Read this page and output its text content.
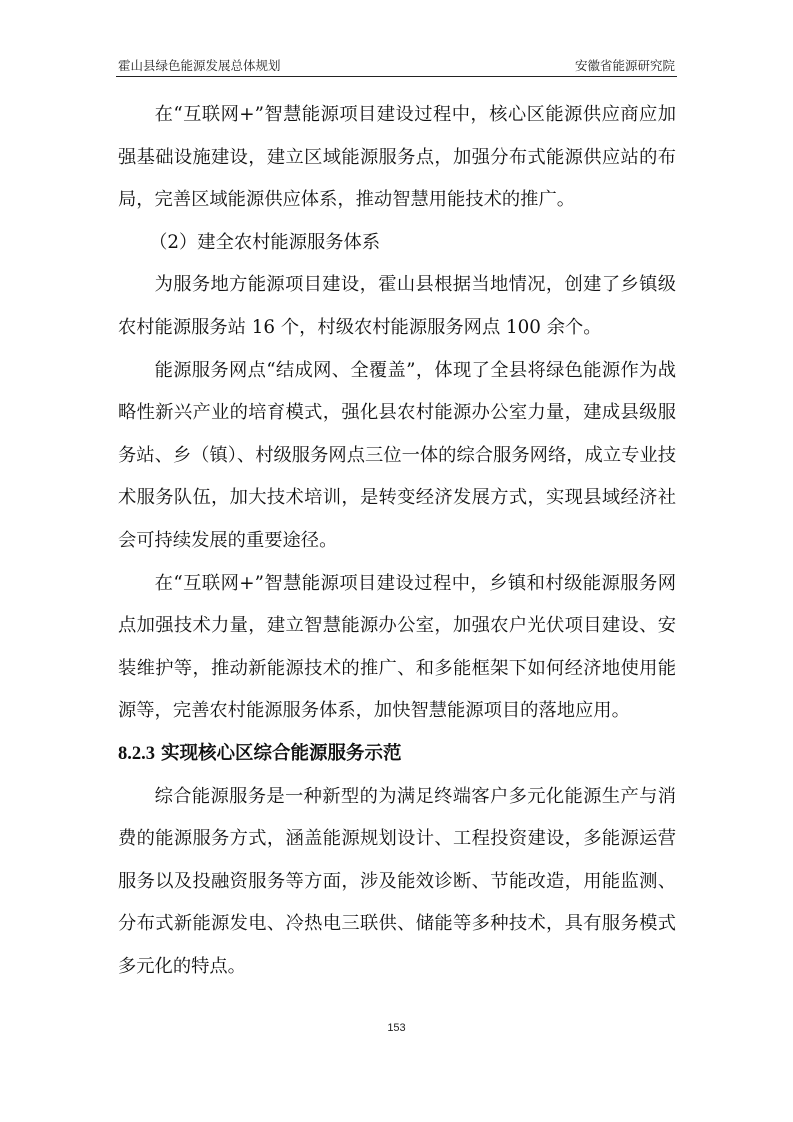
霍山县绿色能源发展总体规划	安徽省能源研究院

在“互联网+”智慧能源项目建设过程中，核心区能源供应商应加强基础设施建设，建立区域能源服务点，加强分布式能源供应站的布局，完善区域能源供应体系，推动智慧用能技术的推广。

（2）建全农村能源服务体系

为服务地方能源项目建设，霍山县根据当地情况，创建了乡镇级农村能源服务站 16 个，村级农村能源服务网点 100 余个。

能源服务网点“结成网、全覆盖”，体现了全县将绿色能源作为战略性新兴产业的培育模式，强化县农村能源办公室力量，建成县级服务站、乡（镇）、村级服务网点三位一体的综合服务网络，成立专业技术服务队伍，加大技术培训，是转变经济发展方式，实现县域经济社会可持续发展的重要途径。

在“互联网+”智慧能源项目建设过程中，乡镇和村级能源服务网点加强技术力量，建立智慧能源办公室，加强农户光伏项目建设、安装维护等，推动新能源技术的推广、和多能框架下如何经济地使用能源等，完善农村能源服务体系，加快智慧能源项目的落地应用。

8.2.3 实现核心区综合能源服务示范

综合能源服务是一种新型的为满足终端客户多元化能源生产与消费的能源服务方式，涵盖能源规划设计、工程投资建设，多能源运营服务以及投融资服务等方面，涉及能效诊断、节能改造，用能监测、分布式新能源发电、冷热电三联供、储能等多种技术，具有服务模式多元化的特点。

153
